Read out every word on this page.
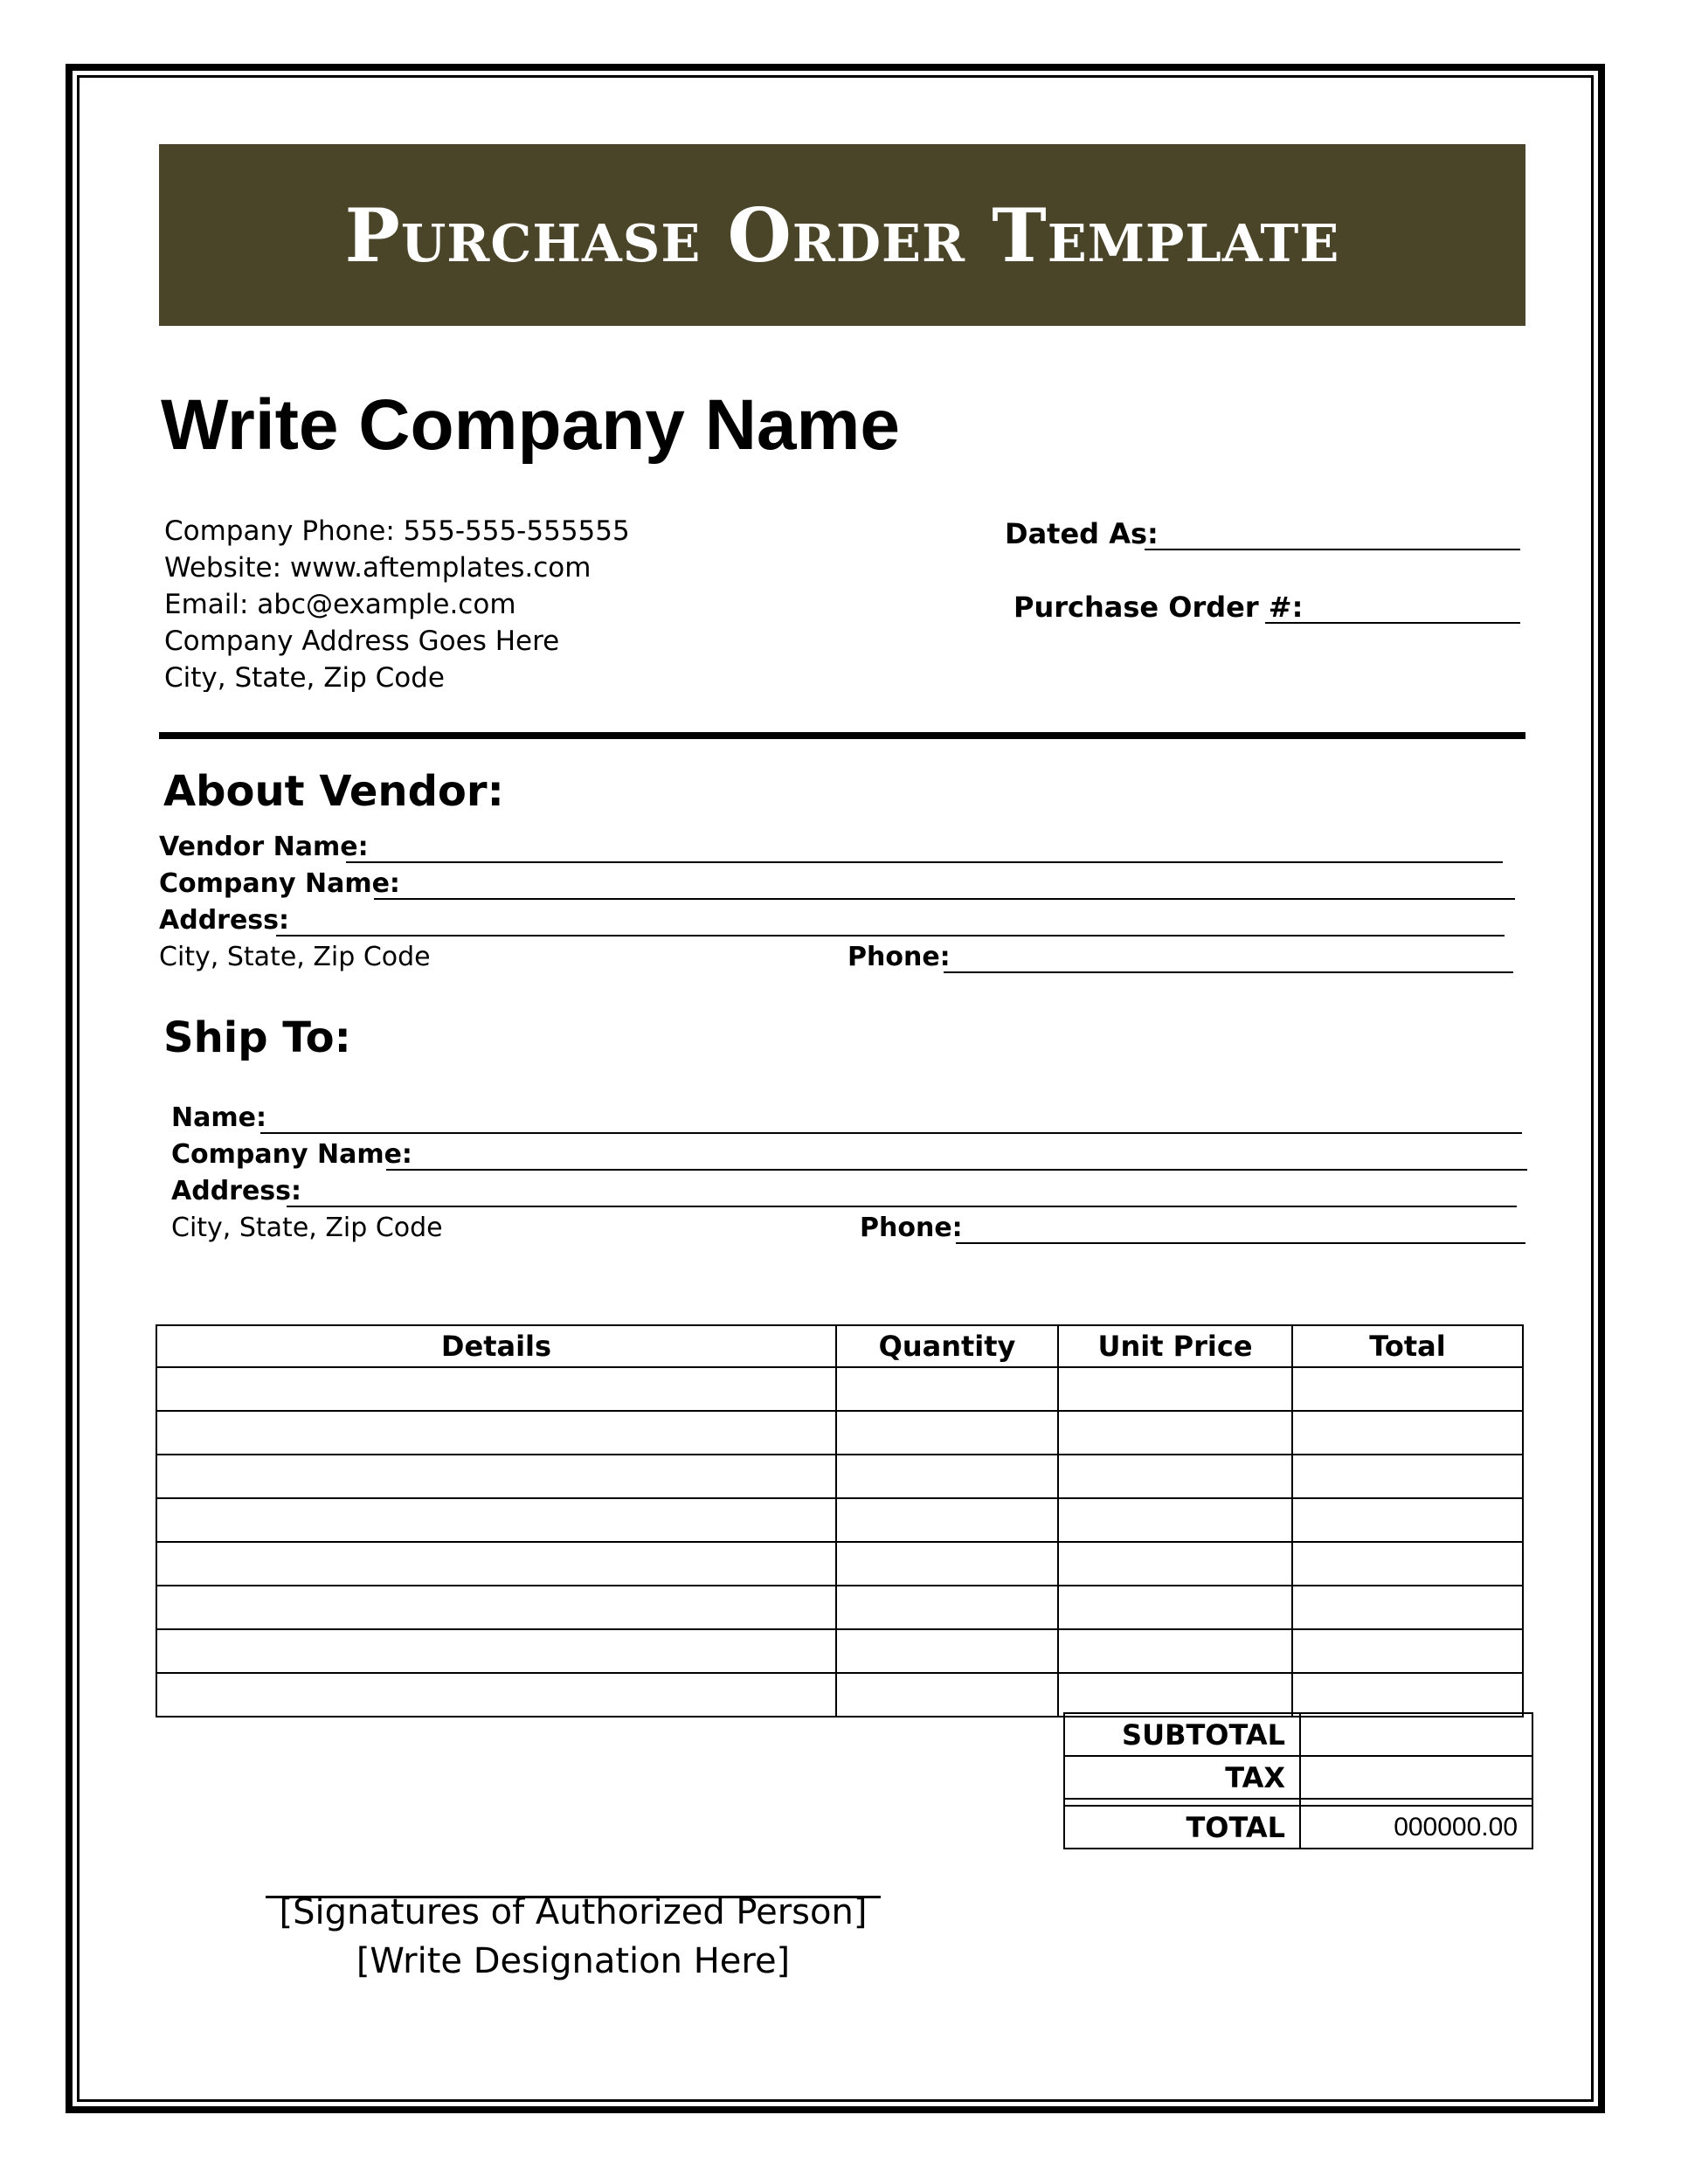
Purchase Order Template
Write Company Name
Company Phone: 555-555-555555
Website: www.aftemplates.com
Email: abc@example.com
Company Address Goes Here
City, State, Zip Code
Dated As:
Purchase Order #:
About Vendor:
Vendor Name:
Company Name:
Address:
City, State, Zip Code	Phone:
Ship To:
Name:
Company Name:
Address:
City, State, Zip Code	Phone:
Details	Quantity	Unit Price	Total

SUBTOTAL	
TAX	

TOTAL	000000.00
[Signatures of Authorized Person]
[Write Designation Here]
